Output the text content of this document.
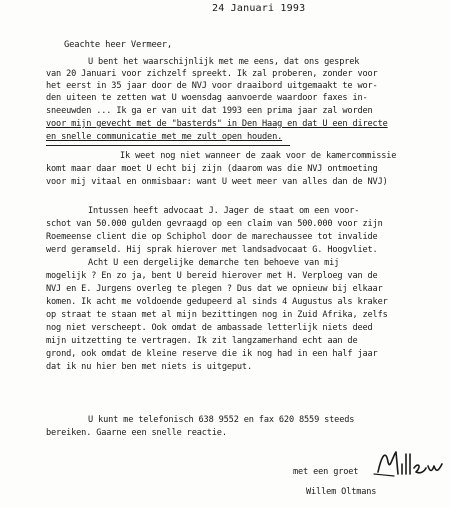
24 Januari 1993
Geachte heer Vermeer,
U bent het waarschijnlijk met me eens, dat ons gesprek
van 20 Januari voor zichzelf spreekt. Ik zal proberen, zonder voor
het eerst in 35 jaar door de NVJ voor draaibord uitgemaakt te wor-
den uiteen te zetten wat U woensdag aanvoerde waardoor faxes in-
sneeuwden ... Ik ga er van uit dat 1993 een prima jaar zal worden
voor mijn gevecht met de "basterds" in Den Haag en dat U een directe
en snelle communicatie met me zult open houden.
Ik weet nog niet wanneer de zaak voor de kamercommissie
komt maar daar moet U echt bij zijn (daarom was die NVJ ontmoeting
voor mij vitaal en onmisbaar: want U weet meer van alles dan de NVJ)
Intussen heeft advocaat J. Jager de staat om een voor-
schot van 50.000 gulden gevraagd op een claim van 500.000 voor zijn
Roemeense client die op Schiphol door de marechaussee tot invalide
werd geramseld. Hij sprak hierover met landsadvocaat G. Hoogvliet.
Acht U een dergelijke demarche ten behoeve van mij
mogelijk ? En zo ja, bent U bereid hierover met H. Verploeg van de
NVJ en E. Jurgens overleg te plegen ? Dus dat we opnieuw bij elkaar
komen. Ik acht me voldoende gedupeerd al sinds 4 Augustus als kraker
op straat te staan met al mijn bezittingen nog in Zuid Afrika, zelfs
nog niet verscheept. Ook omdat de ambassade letterlijk niets deed
mijn uitzetting te vertragen. Ik zit langzamerhand echt aan de
grond, ook omdat de kleine reserve die ik nog had in een half jaar
dat ik nu hier ben met niets is uitgeput.
U kunt me telefonisch 638 9552 en fax 620 8559 steeds
bereiken. Gaarne een snelle reactie.
met een groet
Willem Oltmans
